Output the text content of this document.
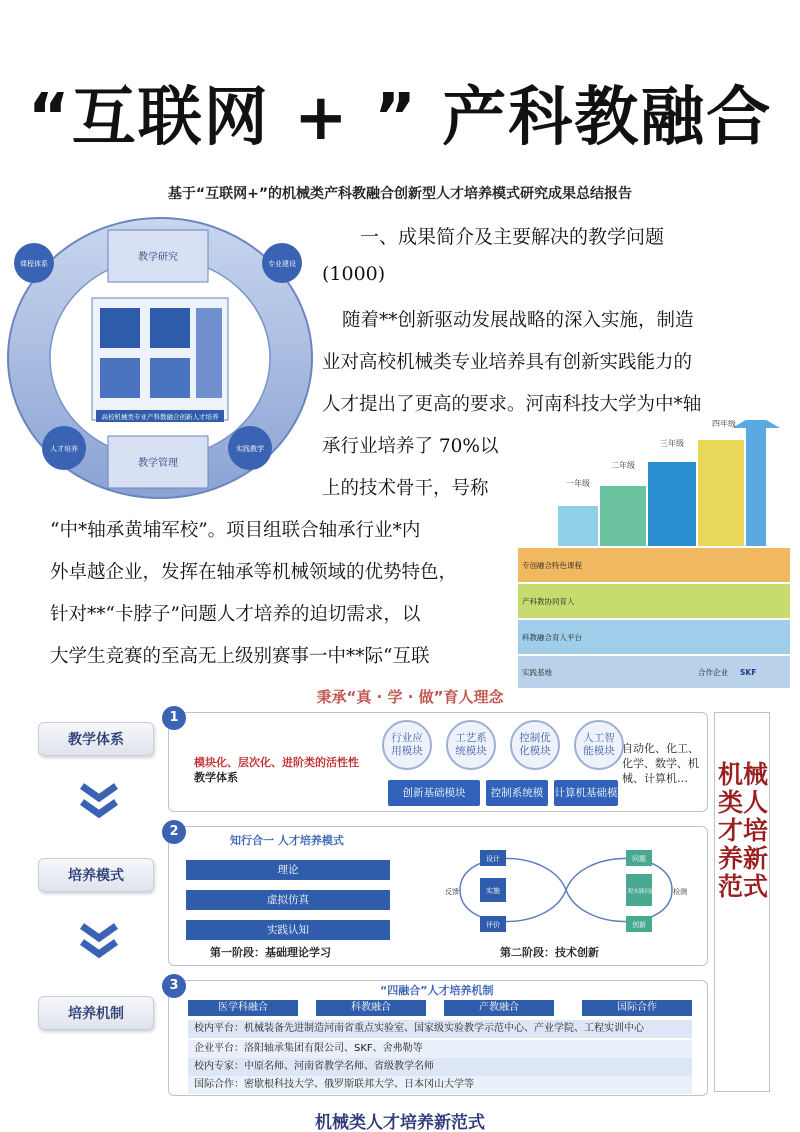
“互联网 + ” 产科教融合
基于“互联网+”的机械类产科教融合创新型人才培养模式研究成果总结报告
教学研究
教学管理
课程体系	专业建设
人才培养	实践教学
高校机械类专业产科教融合创新人才培养
一、成果简介及主要解决的教学问题
(1000)
随着**创新驱动发展战略的深入实施，制造
业对高校机械类专业培养具有创新实践能力的
人才提出了更高的要求。河南科技大学为中*轴
承行业培养了 70%以
上的技术骨干，号称
“中*轴承黄埔军校”。项目组联合轴承行业*内
外卓越企业，发挥在轴承等机械领域的优势特色，
针对**“卡脖子”问题人才培养的迫切需求，以
大学生竞赛的至高无上级别赛事一中**际“互联
一年级
二年级
三年级
四年级
专创融合特色课程
产科教协同育人
科教融合育人平台
实践基地	合作企业 SKF
秉承“真 · 学 · 做”育人理念
教学体系
培养模式
培养机制
1
行业应用模块
工艺系统模块
控制优化模块
人工智能模块
模块化、层次化、进阶类的活性性
教学体系
创新基础模块	控制系统模块
计算机基础模块
自动化、化工、化学、数学、机械、计算机…
2
知行合一 人才培养模式
理论
虚拟仿真
实践认知
第一阶段：基础理论学习	第二阶段：技术创新
设计
实施
评价
反馈
问题
工程实践问题
创新
检测
3	“四融合”人才培养机制
医学科融合	科教融合	产教融合	国际合作
校内平台：机械装备先进制造河南省重点实验室、国家级实验教学示范中心、产业学院、工程实训中心
企业平台：洛阳轴承集团有限公司、SKF、舍弗勒等
校内专家：中原名师、河南省教学名师、省级教学名师
国际合作：密歇根科技大学、俄罗斯联邦大学、日本冈山大学等
机械类人才培养新范式
机械类人才培养新范式
